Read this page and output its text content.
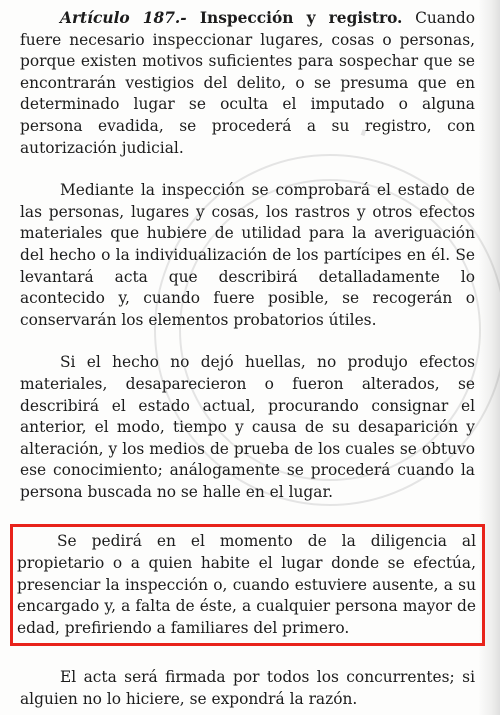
Artículo 187.- Inspección y registro. Cuando fuere necesario inspeccionar lugares, cosas o personas, porque existen motivos suficientes para sospechar que se encontrarán vestigios del delito, o se presuma que en determinado lugar se oculta el imputado o alguna persona evadida, se procederá a su registro, con autorización judicial.

Mediante la inspección se comprobará el estado de las personas, lugares y cosas, los rastros y otros efectos materiales que hubiere de utilidad para la averiguación del hecho o la individualización de los partícipes en él. Se levantará acta que describirá detalladamente lo acontecido y, cuando fuere posible, se recogerán o conservarán los elementos probatorios útiles.

Si el hecho no dejó huellas, no produjo efectos materiales, desaparecieron o fueron alterados, se describirá el estado actual, procurando consignar el anterior, el modo, tiempo y causa de su desaparición y alteración, y los medios de prueba de los cuales se obtuvo ese conocimiento; análogamente se procederá cuando la persona buscada no se halle en el lugar.

Se pedirá en el momento de la diligencia al propietario o a quien habite el lugar donde se efectúa, presenciar la inspección o, cuando estuviere ausente, a su encargado y, a falta de éste, a cualquier persona mayor de edad, prefiriendo a familiares del primero.

El acta será firmada por todos los concurrentes; si alguien no lo hiciere, se expondrá la razón.
